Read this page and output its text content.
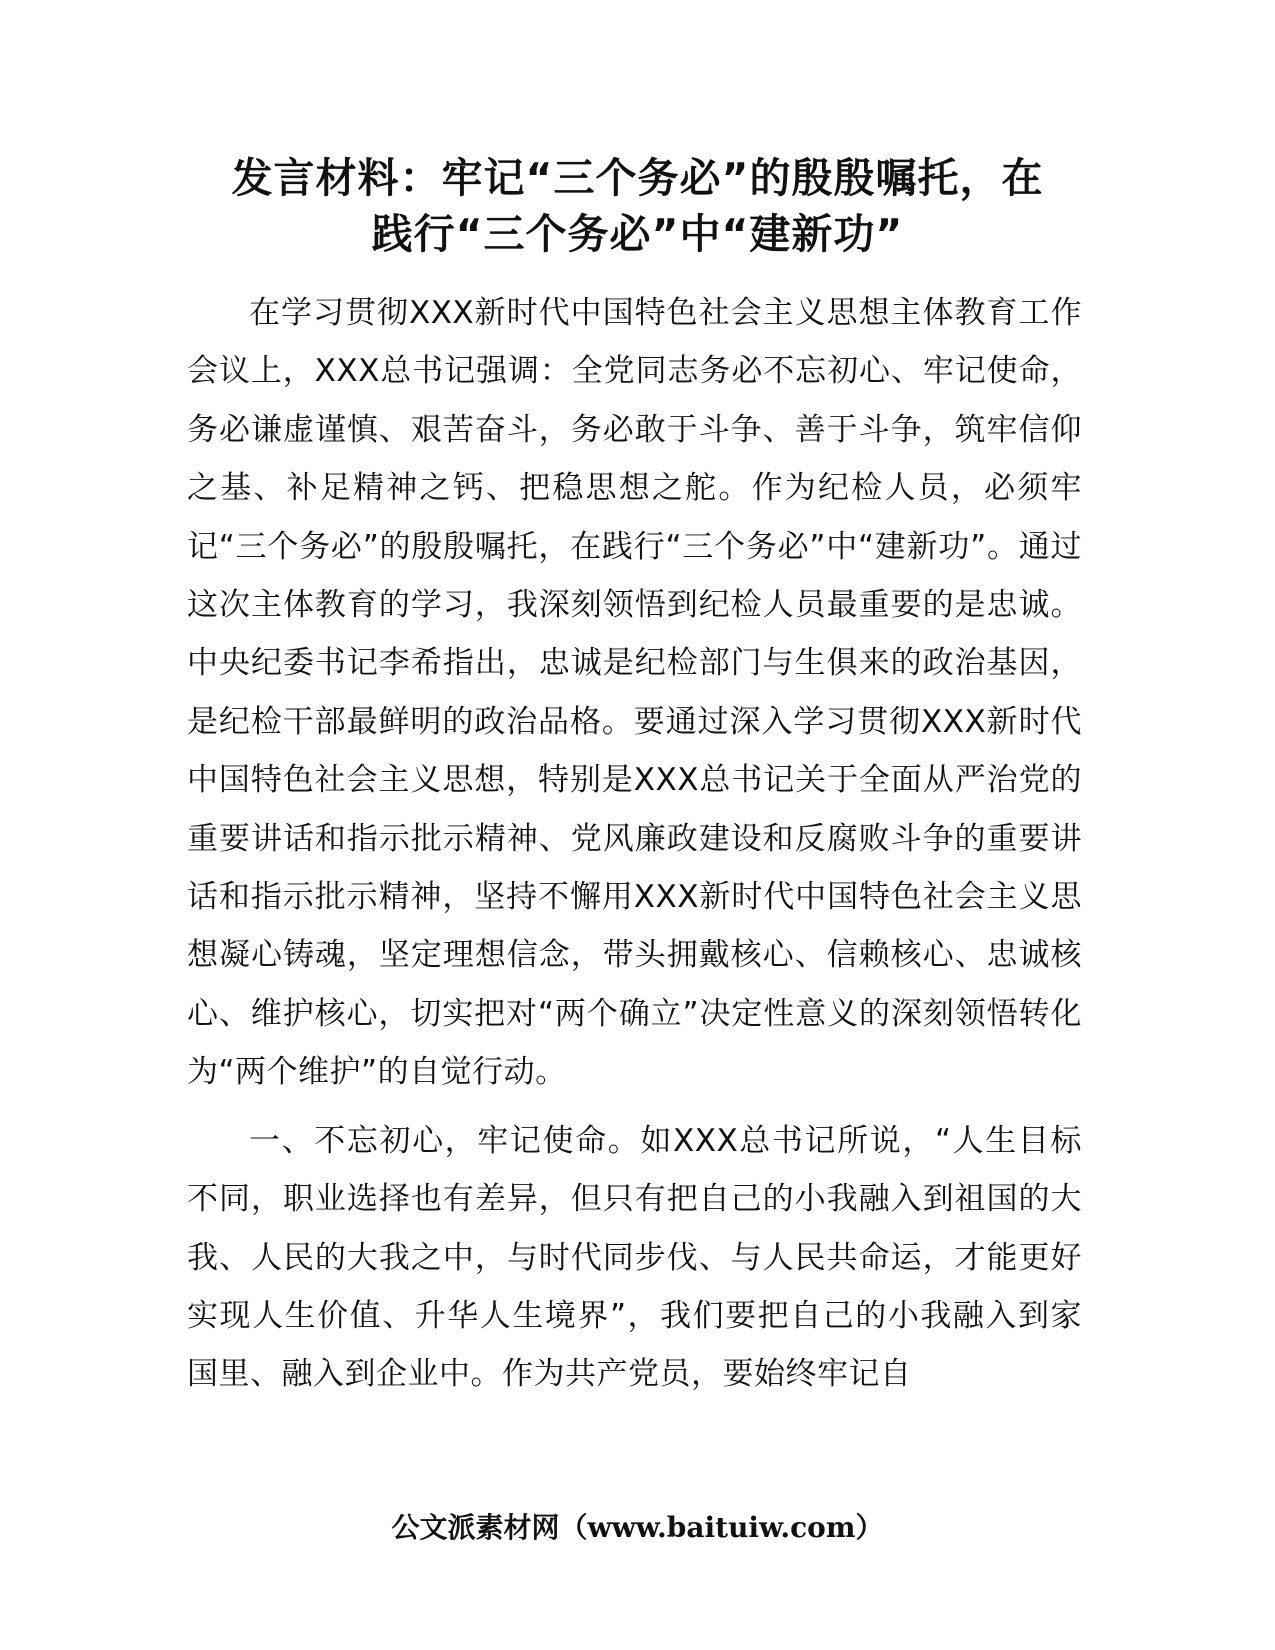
发言材料：牢记“三个务必”的殷殷嘱托，在
践行“三个务必”中“建新功”

在学习贯彻XXX新时代中国特色社会主义思想主体教育工作会议上，XXX总书记强调：全党同志务必不忘初心、牢记使命，务必谦虚谨慎、艰苦奋斗，务必敢于斗争、善于斗争，筑牢信仰之基、补足精神之钙、把稳思想之舵。作为纪检人员，必须牢记“三个务必”的殷殷嘱托，在践行“三个务必”中“建新功”。通过这次主体教育的学习，我深刻领悟到纪检人员最重要的是忠诚。中央纪委书记李希指出，忠诚是纪检部门与生俱来的政治基因，是纪检干部最鲜明的政治品格。要通过深入学习贯彻XXX新时代中国特色社会主义思想，特别是XXX总书记关于全面从严治党的重要讲话和指示批示精神、党风廉政建设和反腐败斗争的重要讲话和指示批示精神，坚持不懈用XXX新时代中国特色社会主义思想凝心铸魂，坚定理想信念，带头拥戴核心、信赖核心、忠诚核心、维护核心，切实把对“两个确立”决定性意义的深刻领悟转化为“两个维护”的自觉行动。

一、不忘初心，牢记使命。如XXX总书记所说，“人生目标不同，职业选择也有差异，但只有把自己的小我融入到祖国的大我、人民的大我之中，与时代同步伐、与人民共命运，才能更好实现人生价值、升华人生境界”，我们要把自己的小我融入到家国里、融入到企业中。作为共产党员，要始终牢记自

公文派素材网（www.baituiw.com）
